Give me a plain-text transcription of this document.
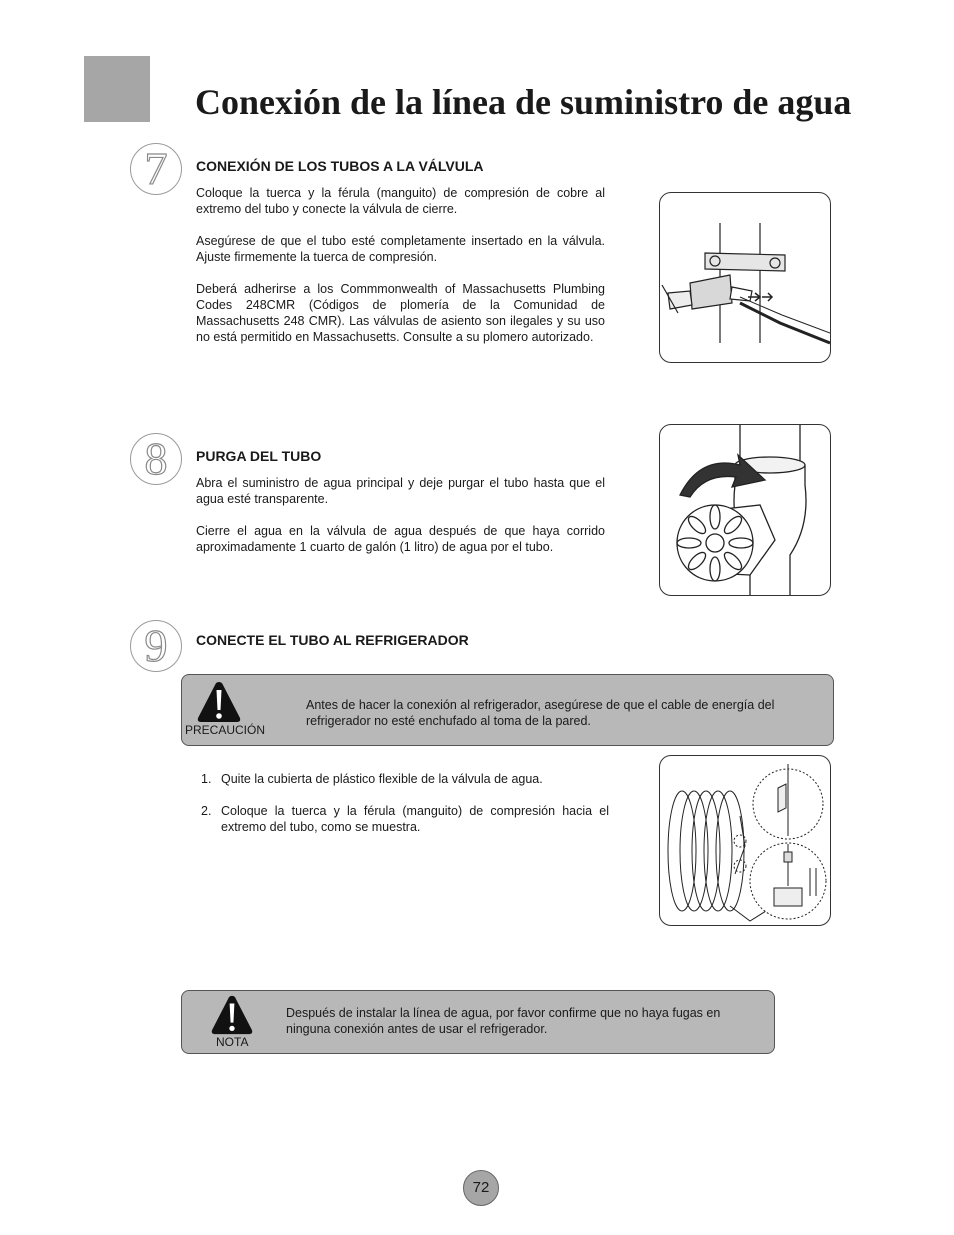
Conexión de la línea de suministro de agua
7	CONEXIÓN DE LOS TUBOS A LA VÁLVULA

Coloque la tuerca y la férula (manguito) de compresión de cobre al extremo del tubo y conecte la válvula de cierre.

Asegúrese de que el tubo esté completamente insertado en la válvula. Ajuste firmemente la tuerca de compresión.

Deberá adherirse a los Commmonwealth of Massachusetts Plumbing Codes 248CMR (Códigos de plomería de la Comunidad de Massachusetts 248 CMR). Las válvulas de asiento son ilegales y su uso no está permitido en Massachusetts. Consulte a su plomero autorizado.

8	PURGA DEL TUBO

Abra el suministro de agua principal y deje purgar el tubo hasta que el agua esté transparente.

Cierre el agua en la válvula de agua después de que haya corrido aproximadamente 1 cuarto de galón (1 litro) de agua por el tubo.

9	CONECTE EL TUBO AL REFRIGERADOR
PRECAUCIÓN
Antes de hacer la conexión al refrigerador, asegúrese de que el cable de energía del refrigerador no esté enchufado al toma de la pared.
1. Quite la cubierta de plástico flexible de la válvula de agua.
2. Coloque la tuerca y la férula (manguito) de compresión hacia el extremo del tubo, como se muestra.
NOTA
Después de instalar la línea de agua, por favor confirme que no haya fugas en ninguna conexión antes de usar el refrigerador.
72
